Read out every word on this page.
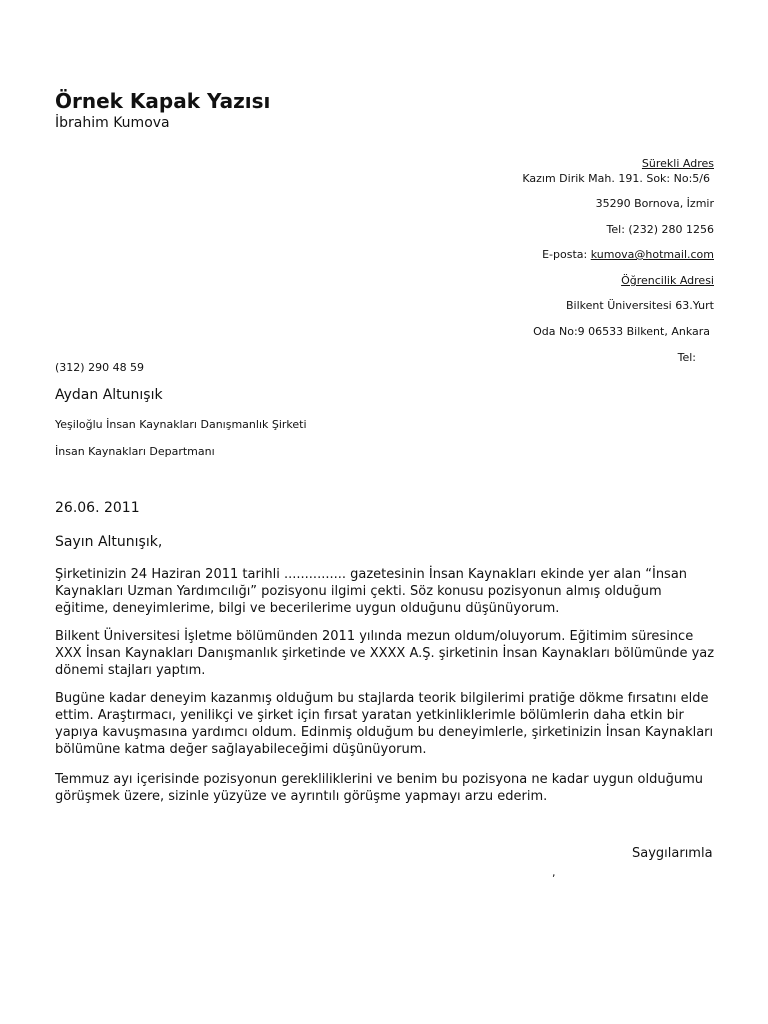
Örnek Kapak Yazısı
İbrahim Kumova
Sürekli Adres
Kazım Dirik Mah. 191. Sok: No:5/6
35290 Bornova, İzmir
Tel: (232) 280 1256
E-posta: kumova@hotmail.com
Öğrencilik Adresi
Bilkent Üniversitesi 63.Yurt
Oda No:9 06533 Bilkent, Ankara
Tel:
(312) 290 48 59
Aydan Altunışık
Yeşiloğlu İnsan Kaynakları Danışmanlık Şirketi
İnsan Kaynakları Departmanı
26.06. 2011
Sayın Altunışık,
Şirketinizin 24 Haziran 2011 tarihli ............... gazetesinin İnsan Kaynakları ekinde yer alan “İnsan Kaynakları Uzman Yardımcılığı” pozisyonu ilgimi çekti. Söz konusu pozisyonun almış olduğum eğitime, deneyimlerime, bilgi ve becerilerime uygun olduğunu düşünüyorum.
Bilkent Üniversitesi İşletme bölümünden 2011 yılında mezun oldum/oluyorum. Eğitimim süresince XXX İnsan Kaynakları Danışmanlık şirketinde ve XXXX A.Ş. şirketinin İnsan Kaynakları bölümünde yaz dönemi stajları yaptım.
Bugüne kadar deneyim kazanmış olduğum bu stajlarda teorik bilgilerimi pratiğe dökme fırsatını elde ettim. Araştırmacı, yenilikçi ve şirket için fırsat yaratan yetkinliklerimle bölümlerin daha etkin bir yapıya kavuşmasına yardımcı oldum. Edinmiş olduğum bu deneyimlerle, şirketinizin İnsan Kaynakları bölümüne katma değer sağlayabileceğimi düşünüyorum.
Temmuz ayı içerisinde pozisyonun gerekliliklerini ve benim bu pozisyona ne kadar uygun olduğumu görüşmek üzere, sizinle yüzyüze ve ayrıntılı görüşme yapmayı arzu ederim.
Saygılarımla
,
